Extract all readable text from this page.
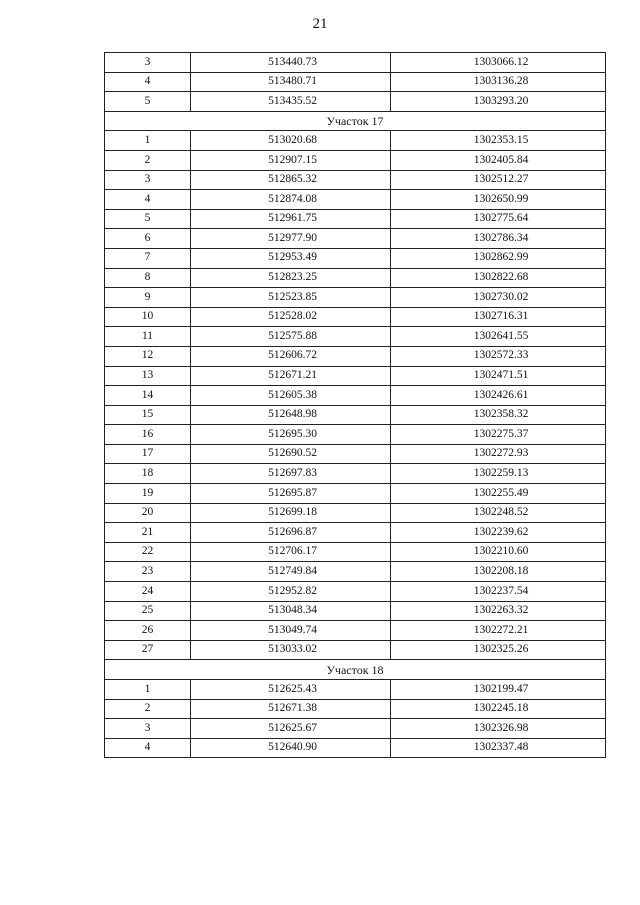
21
3	513440.73	1303066.12
4	513480.71	1303136.28
5	513435.52	1303293.20
Участок 17		
1	513020.68	1302353.15
2	512907.15	1302405.84
3	512865.32	1302512.27
4	512874.08	1302650.99
5	512961.75	1302775.64
6	512977.90	1302786.34
7	512953.49	1302862.99
8	512823.25	1302822.68
9	512523.85	1302730.02
10	512528.02	1302716.31
11	512575.88	1302641.55
12	512606.72	1302572.33
13	512671.21	1302471.51
14	512605.38	1302426.61
15	512648.98	1302358.32
16	512695.30	1302275.37
17	512690.52	1302272.93
18	512697.83	1302259.13
19	512695.87	1302255.49
20	512699.18	1302248.52
21	512696.87	1302239.62
22	512706.17	1302210.60
23	512749.84	1302208.18
24	512952.82	1302237.54
25	513048.34	1302263.32
26	513049.74	1302272.21
27	513033.02	1302325.26
Участок 18		
1	512625.43	1302199.47
2	512671.38	1302245.18
3	512625.67	1302326.98
4	512640.90	1302337.48
